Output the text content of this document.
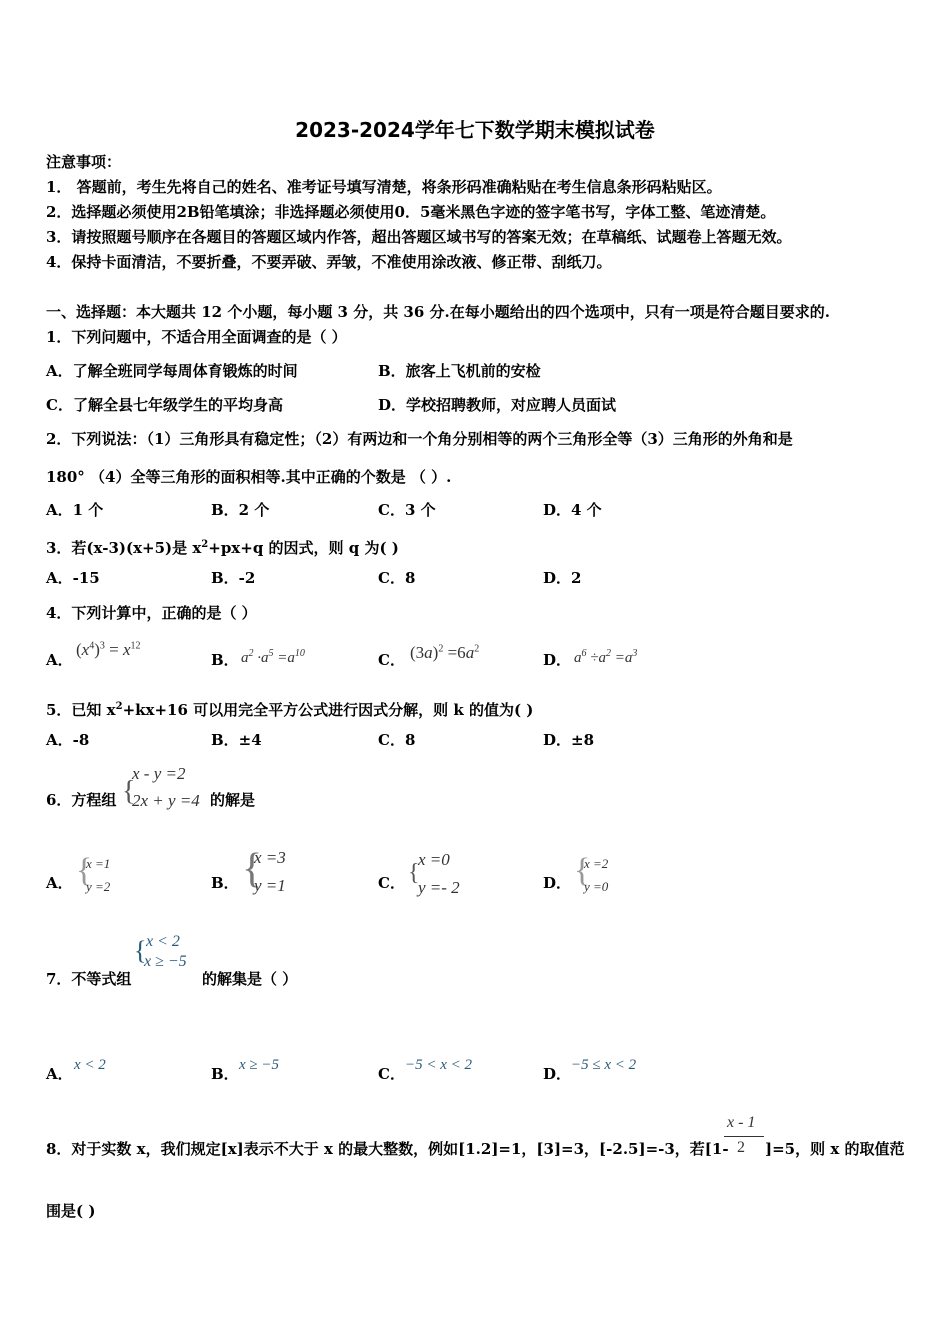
2023-2024学年七下数学期末模拟试卷
注意事项：
1． 答题前，考生先将自己的姓名、准考证号填写清楚，将条形码准确粘贴在考生信息条形码粘贴区。
2．选择题必须使用2B铅笔填涂；非选择题必须使用0．5毫米黑色字迹的签字笔书写，字体工整、笔迹清楚。
3．请按照题号顺序在各题目的答题区域内作答，超出答题区域书写的答案无效；在草稿纸、试题卷上答题无效。
4．保持卡面清洁，不要折叠，不要弄破、弄皱，不准使用涂改液、修正带、刮纸刀。
一、选择题：本大题共 12 个小题，每小题 3 分，共 36 分.在每小题给出的四个选项中，只有一项是符合题目要求的.
1．下列问题中，不适合用全面调查的是（ ）
A．了解全班同学每周体育锻炼的时间	B．旅客上飞机前的安检
C．了解全县七年级学生的平均身高	D．学校招聘教师，对应聘人员面试
2．下列说法：（1）三角形具有稳定性；（2）有两边和一个角分别相等的两个三角形全等（3）三角形的外角和是
180° （4）全等三角形的面积相等.其中正确的个数是 （ ）.
A．1 个	B．2 个	C．3 个	D．4 个
3．若(x-3)(x+5)是 $x^2+px+q$ 的因式，则 q 为( )
A．-15	B．-2	C．8	D．2
4．下列计算中，正确的是（ ）
A．
$(x^4)^3 = x^{12}$
B． $a^2 \cdot a^5 =a^{10}$	C． $(3a)^2 =6a^2$
D． $a^6 \div a^2 =a^3$
5．已知 $x^2+kx+16$ 可以用完全平方公式进行因式分解，则 k 的值为( )
A．-8	B．±4	C．8	D．±8
6．方程组 {
x - y =2
2x + y =4 的解是
A． {
x =1
y =2	B． {
x =3
y =1	C． {
x =0
y =- 2	D． {
x =2
y =0
7．不等式组
{ x < 2
x ≥ −5
的解集是（ ）
A． x < 2	B． x ≥ −5	C． −5 < x < 2	D． −5 ≤ x < 2
8．对于实数 x，我们规定[x]表示不大于 x 的最大整数，例如[1.2]=1，[3]=3，[-2.5]=-3，若[1-
x - 1
2 ]=5，则 x 的取值范
围是( )
